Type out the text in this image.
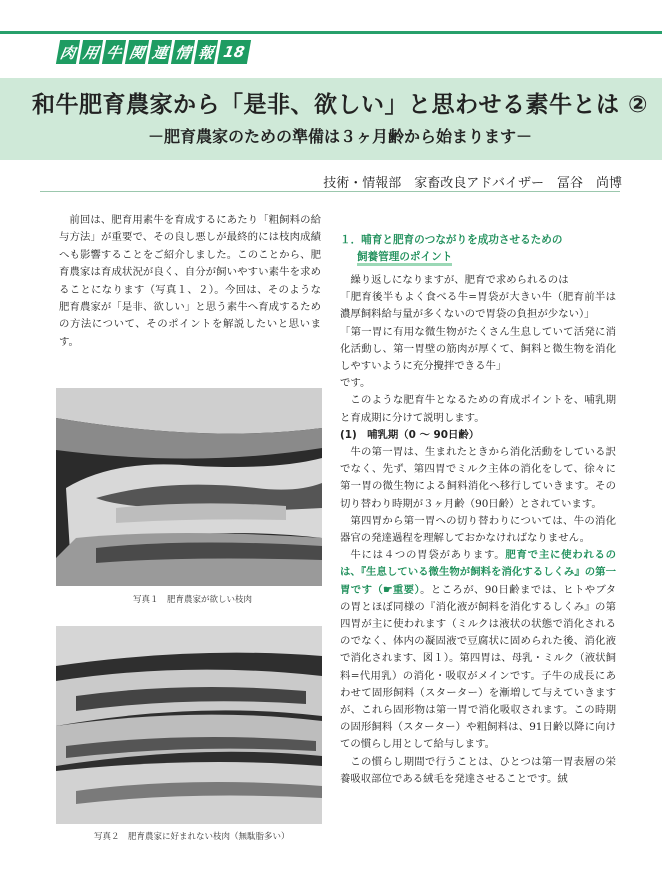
肉 用 牛 関 連 情 報 18
和牛肥育農家から「是非、欲しい」と思わせる素牛とは ②
－肥育農家のための準備は３ヶ月齢から始まります－
技術・情報部　家畜改良アドバイザー　冨谷　尚博
前回は、肥育用素牛を育成するにあたり「粗飼料の給与方法」が重要で、その良し悪しが最終的には枝肉成績へも影響することをご紹介しました。このことから、肥育農家は育成状況が良く、自分が飼いやすい素牛を求めることになります（写真１、２）。今回は、そのような肥育農家が「是非、欲しい」と思う素牛へ育成するための方法について、そのポイントを解説したいと思います。
写真１　肥育農家が欲しい枝肉
写真２　肥育農家に好まれない枝肉（無駄脂多い）
１．哺育と肥育のつながりを成功させるための
飼養管理のポイント
繰り返しになりますが、肥育で求められるのは
「肥育後半もよく食べる牛=胃袋が大きい牛（肥育前半は濃厚飼料給与量が多くないので胃袋の負担が少ない）」
「第一胃に有用な微生物がたくさん生息していて活発に消化活動し、第一胃壁の筋肉が厚くて、飼料と微生物を消化しやすいように充分攪拌できる牛」
です。
このような肥育牛となるための育成ポイントを、哺乳期と育成期に分けて説明します。
(1)　哺乳期（0 ～ 90日齢）
牛の第一胃は、生まれたときから消化活動をしている訳でなく、先ず、第四胃でミルク主体の消化をして、徐々に第一胃の微生物による飼料消化へ移行していきます。その切り替わり時期が３ヶ月齢（90日齢）とされています。
第四胃から第一胃への切り替わりについては、牛の消化器官の発達過程を理解しておかなければなりません。
牛には４つの胃袋があります。肥育で主に使われるのは、『生息している微生物が飼料を消化するしくみ』の第一胃です（☛重要）。ところが、90日齢までは、ヒトやブタの胃とほぼ同様の『消化液が飼料を消化するしくみ』の第四胃が主に使われます（ミルクは液状の状態で消化されるのでなく、体内の凝固液で豆腐状に固められた後、消化液で消化されます、図１）。第四胃は、母乳・ミルク（液状飼料=代用乳）の消化・吸収がメインです。子牛の成長にあわせて固形飼料（スターター）を漸増して与えていきますが、これら固形物は第一胃で消化吸収されます。この時期の固形飼料（スターター）や粗飼料は、91日齢以降に向けての慣らし用として給与します。
この慣らし期間で行うことは、ひとつは第一胃表層の栄養吸収部位である絨毛を発達させることです。絨
